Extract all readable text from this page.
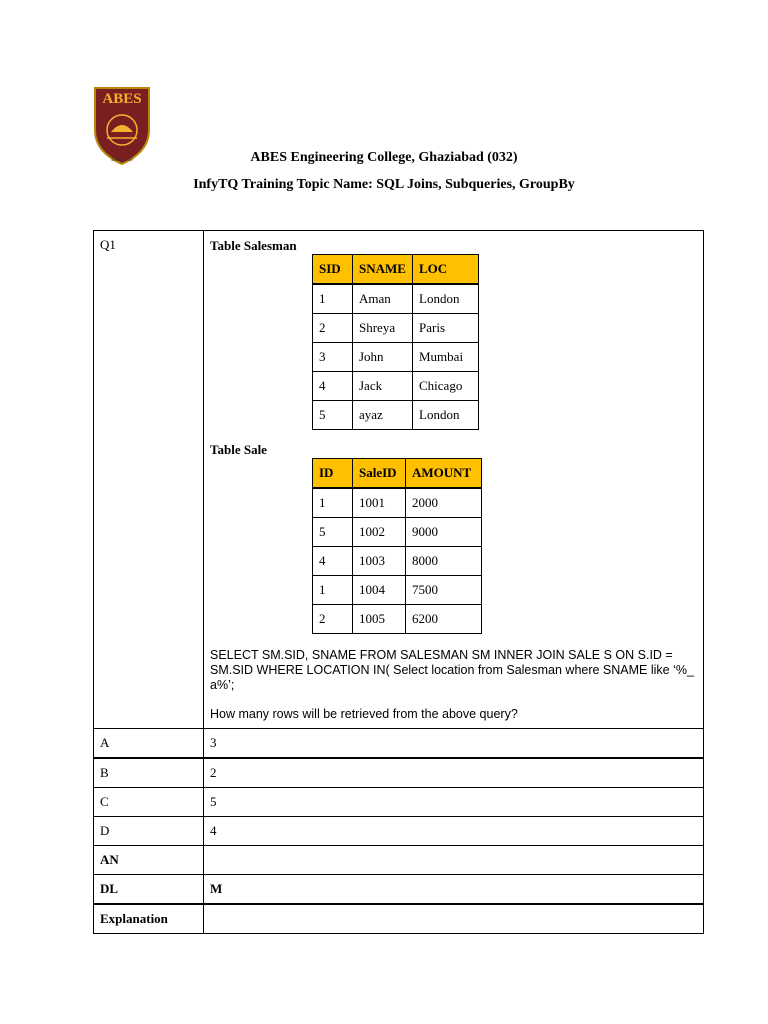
ABES
Estd. 2000	ABES Engineering College, Ghaziabad (032)
InfyTQ Training Topic Name: SQL Joins, Subqueries, GroupBy
Q1	Table Salesman
SID	SNAME	LOC
1	Aman	London
2	Shreya	Paris
3	John	Mumbai
4	Jack	Chicago
5	ayaz	London
Table Sale
ID	SaleID	AMOUNT
1	1001	2000
5	1002	9000
4	1003	8000
1	1004	7500
2	1005	6200
SELECT SM.SID, SNAME FROM SALESMAN SM INNER JOIN SALE S ON S.ID = SM.SID WHERE LOCATION IN( Select location from Salesman where SNAME like ‘%_ a%’;
How many rows will be retrieved from the above query?

A	3
B	2
C	5
D	4
AN	
DL	M
Explanation	
